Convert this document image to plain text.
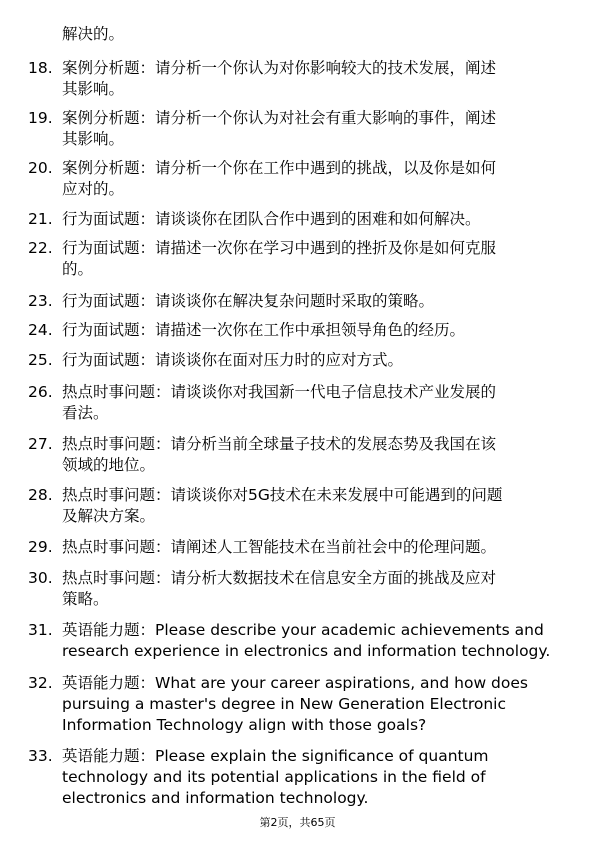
解决的。
18. 案例分析题：请分析一个你认为对你影响较大的技术发展，阐述
其影响。
19. 案例分析题：请分析一个你认为对社会有重大影响的事件，阐述
其影响。
20. 案例分析题：请分析一个你在工作中遇到的挑战，以及你是如何
应对的。
21. 行为面试题：请谈谈你在团队合作中遇到的困难和如何解决。
22. 行为面试题：请描述一次你在学习中遇到的挫折及你是如何克服
的。
23. 行为面试题：请谈谈你在解决复杂问题时采取的策略。
24. 行为面试题：请描述一次你在工作中承担领导角色的经历。
25. 行为面试题：请谈谈你在面对压力时的应对方式。
26. 热点时事问题：请谈谈你对我国新一代电子信息技术产业发展的
看法。
27. 热点时事问题：请分析当前全球量子技术的发展态势及我国在该
领域的地位。
28. 热点时事问题：请谈谈你对5G技术在未来发展中可能遇到的问题
及解决方案。
29. 热点时事问题：请阐述人工智能技术在当前社会中的伦理问题。
30. 热点时事问题：请分析大数据技术在信息安全方面的挑战及应对
策略。
31. 英语能力题：Please describe your academic achievements and
research experience in electronics and information technology.
32. 英语能力题：What are your career aspirations, and how does
pursuing a master's degree in New Generation Electronic
Information Technology align with those goals?
33. 英语能力题：Please explain the significance of quantum
technology and its potential applications in the field of
electronics and information technology.
第2页，共65页
